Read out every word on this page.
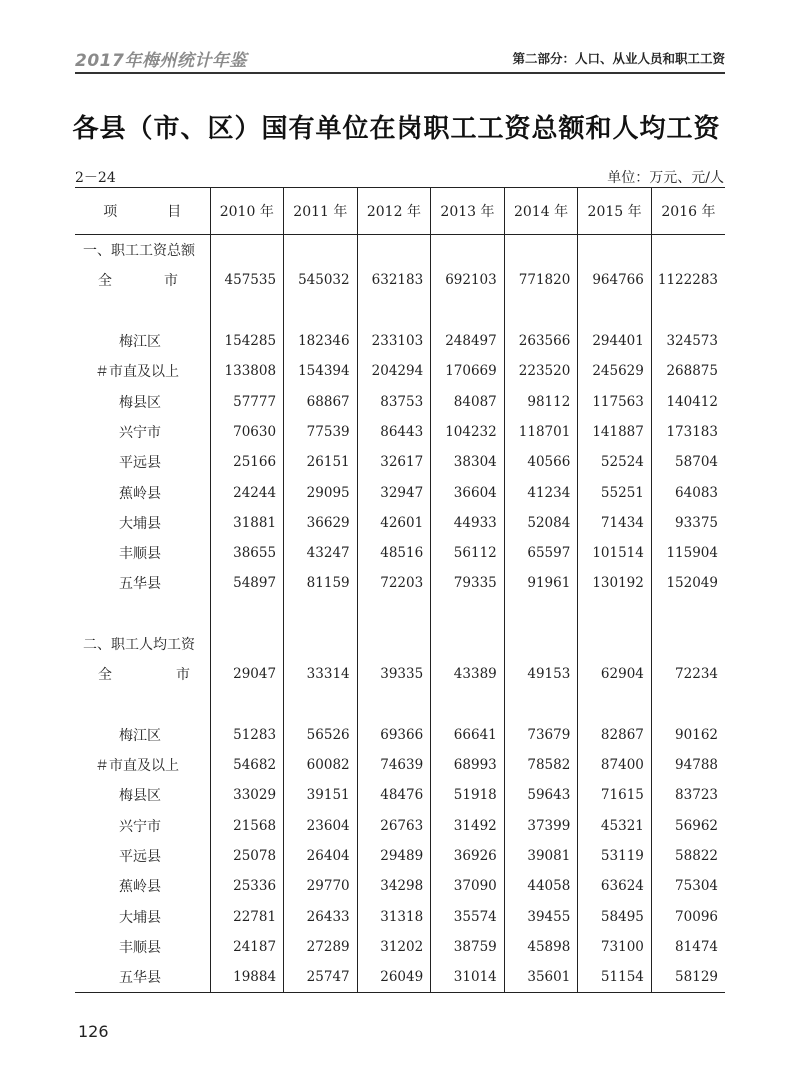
2017年梅州统计年鉴	第二部分：人口、从业人员和职工工资
各县（市、区）国有单位在岗职工工资总额和人均工资
2－24	单位：万元、元/人
项 目	2010 年	2011 年	2012 年	2013 年	2014 年	2015 年	2016 年
一、职工工资总额							

全 市	457535	545032	632183	692103	771820	964766	1122283

梅江区	154285	182346	233103	248497	263566	294401	324573
＃市直及以上	133808	154394	204294	170669	223520	245629	268875
梅县区	57777	68867	83753	84087	98112	117563	140412
兴宁市	70630	77539	86443	104232	118701	141887	173183
平远县	25166	26151	32617	38304	40566	52524	58704
蕉岭县	24244	29095	32947	36604	41234	55251	64083
大埔县	31881	36629	42601	44933	52084	71434	93375
丰顺县	38655	43247	48516	56112	65597	101514	115904
五华县	54897	81159	72203	79335	91961	130192	152049

二、职工人均工资							

全 市	29047	33314	39335	43389	49153	62904	72234

梅江区	51283	56526	69366	66641	73679	82867	90162
＃市直及以上	54682	60082	74639	68993	78582	87400	94788
梅县区	33029	39151	48476	51918	59643	71615	83723
兴宁市	21568	23604	26763	31492	37399	45321	56962
平远县	25078	26404	29489	36926	39081	53119	58822
蕉岭县	25336	29770	34298	37090	44058	63624	75304
大埔县	22781	26433	31318	35574	39455	58495	70096
丰顺县	24187	27289	31202	38759	45898	73100	81474
五华县	19884	25747	26049	31014	35601	51154	58129
126
